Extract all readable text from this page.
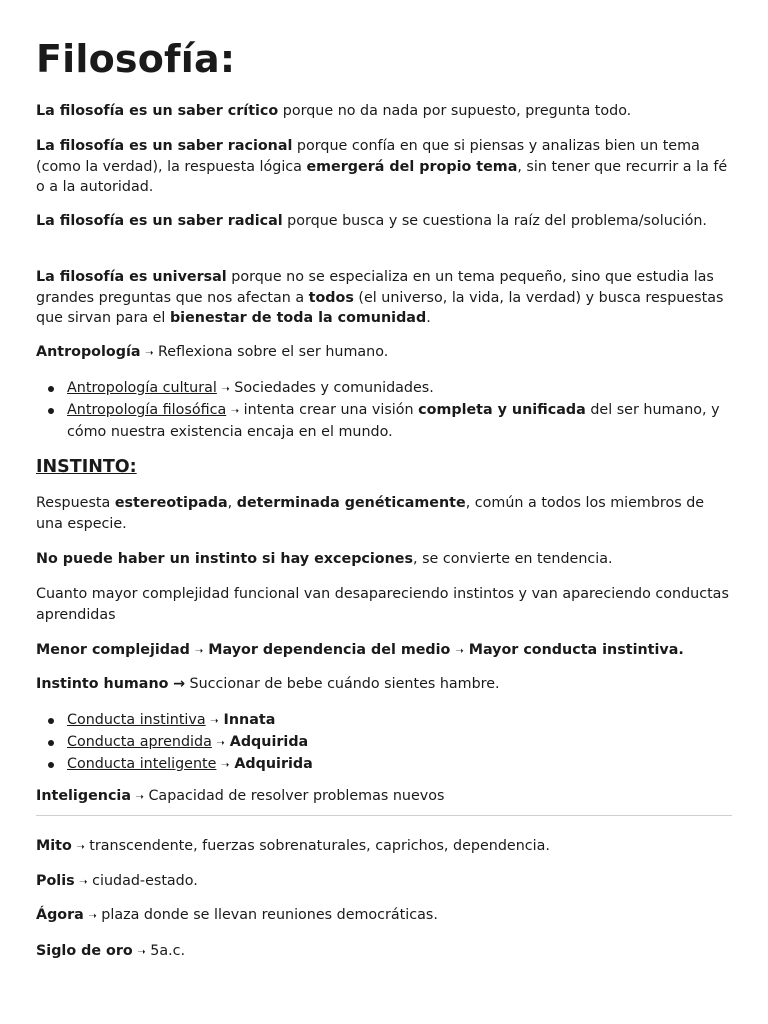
Filosofía:

La filosofía es un saber crítico porque no da nada por supuesto, pregunta todo.

La filosofía es un saber racional porque confía en que si piensas y analizas bien un tema (como la verdad), la respuesta lógica emergerá del propio tema, sin tener que recurrir a la fé o a la autoridad.

La filosofía es un saber radical porque busca y se cuestiona la raíz del problema/solución.

La filosofía es universal porque no se especializa en un tema pequeño, sino que estudia las grandes preguntas que nos afectan a todos (el universo, la vida, la verdad) y busca respuestas que sirvan para el bienestar de toda la comunidad.

Antropología ➝ Reflexiona sobre el ser humano.

Antropología cultural ➝ Sociedades y comunidades.
Antropología filosófica ➝ intenta crear una visión completa y unificada del ser humano, y cómo nuestra existencia encaja en el mundo.
INSTINTO:

Respuesta estereotipada, determinada genéticamente, común a todos los miembros de una especie.

No puede haber un instinto si hay excepciones, se convierte en tendencia.

Cuanto mayor complejidad funcional van desapareciendo instintos y van apareciendo conductas aprendidas

Menor complejidad ➝ Mayor dependencia del medio ➝ Mayor conducta instintiva.

Instinto humano → Succionar de bebe cuándo sientes hambre.

Conducta instintiva ➝ Innata
Conducta aprendida ➝ Adquirida
Conducta inteligente ➝ Adquirida

Inteligencia ➝ Capacidad de resolver problemas nuevos

Mito ➝ transcendente, fuerzas sobrenaturales, caprichos, dependencia.

Polis ➝ ciudad-estado.

Ágora ➝ plaza donde se llevan reuniones democráticas.

Siglo de oro ➝ 5a.c.
